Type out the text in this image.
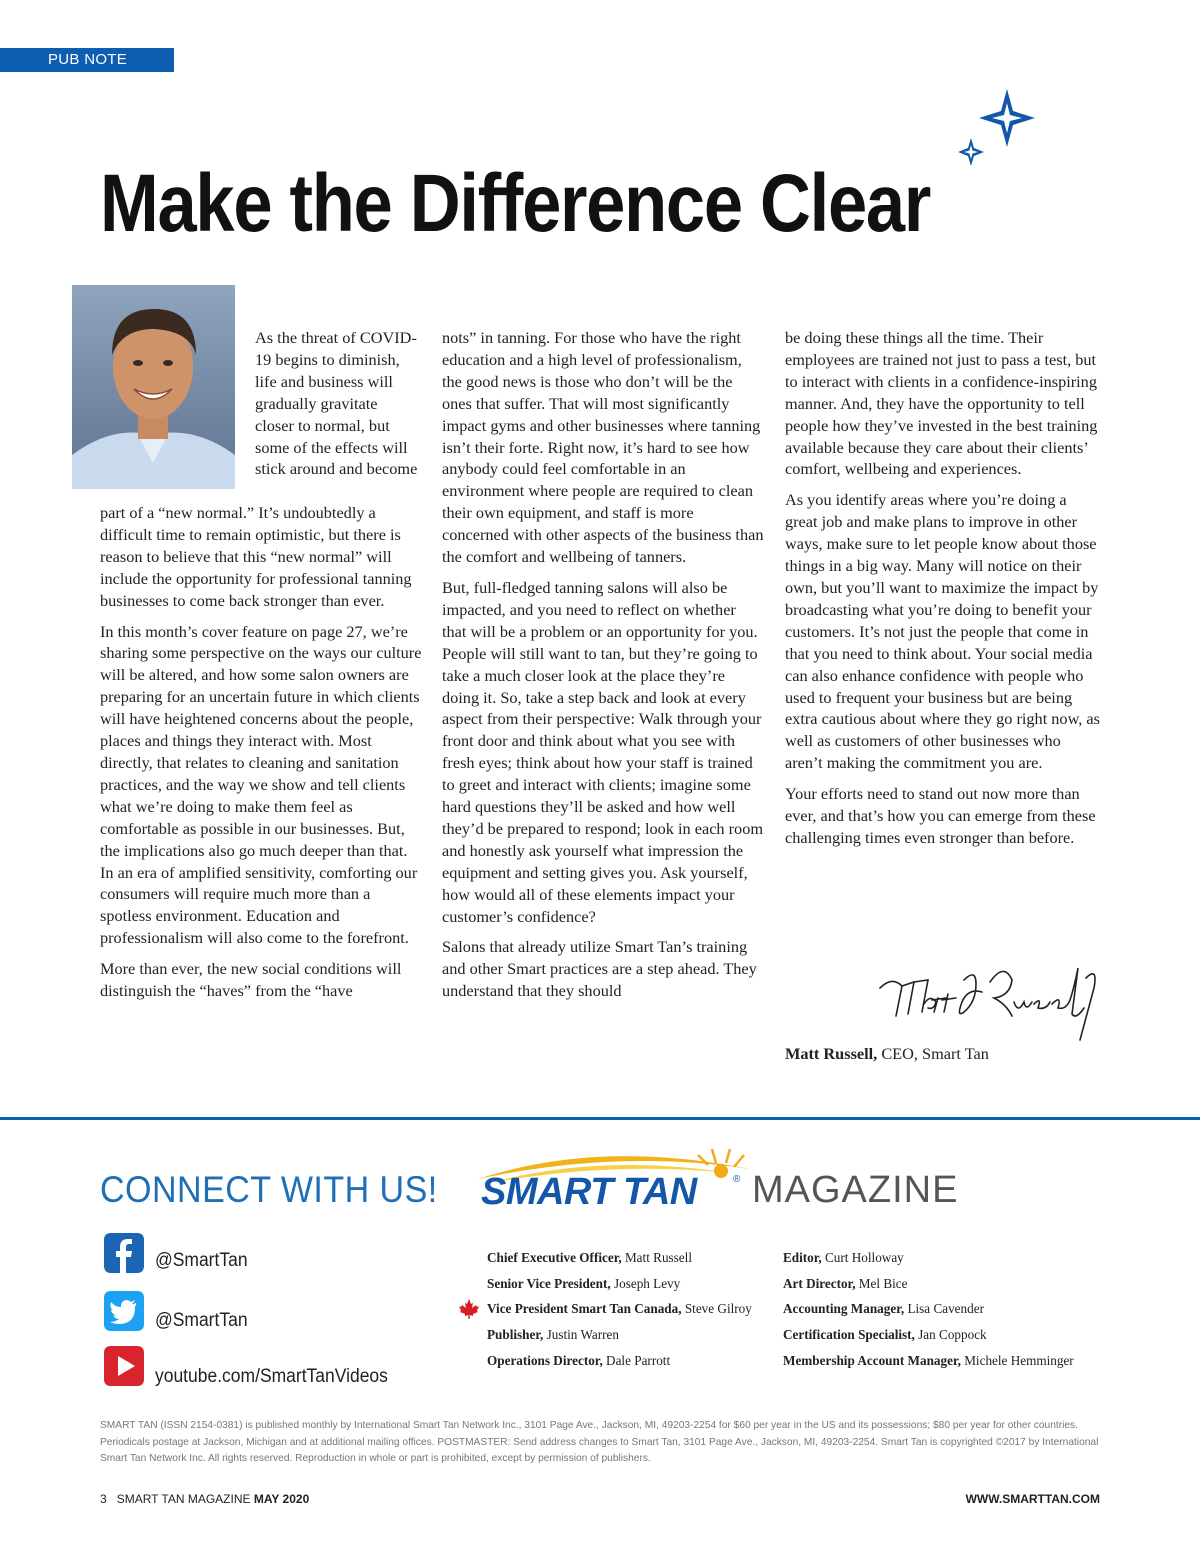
PUB NOTE
Make the Difference Clear

As the threat of COVID-19 begins to diminish, life and business will gradually gravitate closer to normal, but some of the effects will stick around and become

part of a “new normal.” It’s undoubtedly a difficult time to remain optimistic, but there is reason to believe that this “new normal” will include the opportunity for professional tanning businesses to come back stronger than ever.

In this month’s cover feature on page 27, we’re sharing some perspective on the ways our culture will be altered, and how some salon owners are preparing for an uncertain future in which clients will have heightened concerns about the people, places and things they interact with. Most directly, that relates to cleaning and sanitation practices, and the way we show and tell clients what we’re doing to make them feel as comfortable as possible in our businesses. But, the implications also go much deeper than that. In an era of amplified sensitivity, comforting our consumers will require much more than a spotless environment. Education and professionalism will also come to the forefront.

More than ever, the new social conditions will distinguish the “haves” from the “have

nots” in tanning. For those who have the right education and a high level of professionalism, the good news is those who don’t will be the ones that suffer. That will most significantly impact gyms and other businesses where tanning isn’t their forte. Right now, it’s hard to see how anybody could feel comfortable in an environment where people are required to clean their own equipment, and staff is more concerned with other aspects of the business than the comfort and wellbeing of tanners.

But, full-fledged tanning salons will also be impacted, and you need to reflect on whether that will be a problem or an opportunity for you. People will still want to tan, but they’re going to take a much closer look at the place they’re doing it. So, take a step back and look at every aspect from their perspective: Walk through your front door and think about what you see with fresh eyes; think about how your staff is trained to greet and interact with clients; imagine some hard questions they’ll be asked and how well they’d be prepared to respond; look in each room and honestly ask yourself what impression the equipment and setting gives you. Ask yourself, how would all of these elements impact your customer’s confidence?

Salons that already utilize Smart Tan’s training and other Smart practices are a step ahead. They understand that they should

be doing these things all the time. Their employees are trained not just to pass a test, but to interact with clients in a confidence-inspiring manner. And, they have the opportunity to tell people how they’ve invested in the best training available because they care about their clients’ comfort, wellbeing and experiences.

As you identify areas where you’re doing a great job and make plans to improve in other ways, make sure to let people know about those things in a big way. Many will notice on their own, but you’ll want to maximize the impact by broadcasting what you’re doing to benefit your customers. It’s not just the people that come in that you need to think about. Your social media can also enhance confidence with people who used to frequent your business but are being extra cautious about where they go right now, as well as customers of other businesses who aren’t making the commitment you are.

Your efforts need to stand out now more than ever, and that’s how you can emerge from these challenging times even stronger than before.

Matt Russell, CEO, Smart Tan
CONNECT WITH US! SMART TAN	® MAGAZINE
@SmartTan
@SmartTan
youtube.com/SmartTanVideos
Chief Executive Officer, Matt Russell
Senior Vice President, Joseph Levy
Vice President Smart Tan Canada, Steve Gilroy
Publisher, Justin Warren
Operations Director, Dale Parrott
Editor, Curt Holloway
Art Director, Mel Bice
Accounting Manager, Lisa Cavender
Certification Specialist, Jan Coppock
Membership Account Manager, Michele Hemminger
SMART TAN (ISSN 2154-0381) is published monthly by International Smart Tan Network Inc., 3101 Page Ave., Jackson, MI, 49203-2254 for $60 per year in the US and its possessions; $80 per year for other countries. Periodicals postage at Jackson, Michigan and at additional mailing offices. POSTMASTER: Send address changes to Smart Tan, 3101 Page Ave., Jackson, MI, 49203-2254. Smart Tan is copyrighted ©2017 by International Smart Tan Network Inc. All rights reserved. Reproduction in whole or part is prohibited, except by permission of publishers.
3 SMART TAN MAGAZINE MAY 2020	WWW.SMARTTAN.COM
